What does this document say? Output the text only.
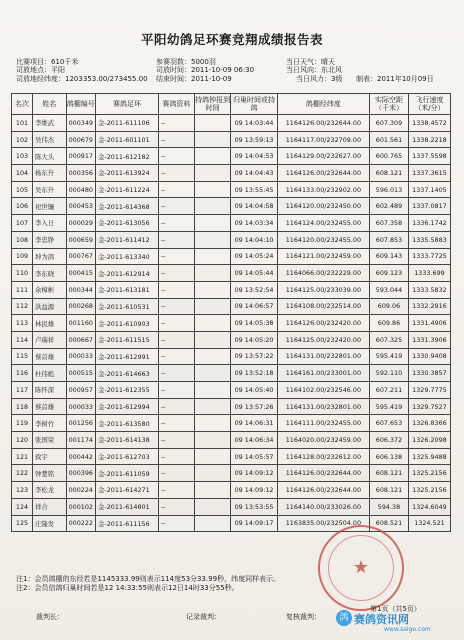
平阳幼鸽足环赛竞翔成绩报告表
比赛项目：610千米
司放地点：平阳
司放地经纬度：1203353.00/273455.00
参赛羽数：5000羽
司放时间：2011-10-09 06:30
结束时间：2011-10-09
当日天气：晴天
当日风向：东北风
当日风力：3级 制表：2011年10月09日
名次	姓名	鸽棚编号	赛鸽足环	赛鸽资料	持鸽钟报到时间	归巢时间或持鸽	鸽棚经纬度	实际空距（千米）	飞行速度（米/分）
101	李维武	000349	金-2011-611106	--		09 14:03:44	1164126.00/232644.00	607.309	1338.4572
102	吴伟杰	000679	金-2011-601101	--		09 13:59:13	1164117.00/232709.00	601.561	1338.2218
103	陈大头	000917	金-2011-612182	--		09 14:04:53	1164129.00/232627.00	600.765	1337.5598
104	杨东升	000356	金-2011-613924	--		09 14:04:43	1164126.00/232644.00	608.121	1337.3615
105	吴东升	000480	金-2011-611224	--		09 13:55:45	1164133.00/232902.00	596.013	1337.1405
106	祀世镰	000453	金-2011-614368	--		09 14:04:58	1164120.00/232450.00	602.489	1337.0817
107	李入日	000029	金-2011-613056	--		09 14:03:34	1164124.00/232455.00	607.358	1336.1742
108	李忠铮	000659	金-2011-611412	--		09 14:04:10	1164120.00/232455.00	607.853	1335.5883
109	坤为鸽	000767	金-2011-613340	--		09 14:05:24	1164121.00/232459.00	609.143	1333.7725
110	李东晓	000415	金-2011-612914	--		09 14:05:44	1164066.00/232229.00	609.123	1333.699
111	余樟彬	000344	金-2011-613181	--		09 13:52:54	1164125.00/233039.00	593.044	1333.5832
112	洪益源	000268	金-2011-610531	--		09 14:06:57	1164108.00/232514.00	609.06	1332.2916
113	林民雄	001160	金-2011-610903	--		09 14:05:38	1164126.00/232420.00	609.86	1331.4906
114	卢瑞祥	000667	金-2011-611515	--		09 14:05:20	1164125.00/232420.00	607.325	1331.3906
115	蔡首雄	000033	金-2011-612991	--		09 13:57:22	1164131.00/232801.00	595.419	1330.9408
116	杜伟彪	000515	金-2011-614663	--		09 13:52:18	1164161.00/233001.00	592.110	1330.3857
117	陈怀深	000957	金-2011-612355	--		09 14:05:40	1164102.00/232546.00	607.211	1329.7775
118	蔡首雄	000033	金-2011-612994	--		09 13:57:26	1164131.00/232801.00	595.419	1329.7527
119	李树竹	001256	金-2011-613580	--		09 14:06:31	1164111.00/232455.00	607.653	1326.8366
120	张国荣	001174	金-2011-614138	--		09 14:06:34	1164020.00/232459.00	606.372	1326.2098
121	致宇	000442	金-2011-612703	--		09 14:05:57	1164128.00/232612.00	606.138	1325.9488
122	钟楚铭	000396	金-2011-611059	--		09 14:09:12	1164126.00/232644.00	608.121	1325.2156
123	李松龙	000224	金-2011-614271	--		09 14:09:12	1164126.00/232644.00	608.121	1325.2156
124	祥合	000102	金-2011-614801	--		09 13:53:55	1164140.00/233026.00	594.38	1324.6049
125	庄隆发	000222	金-2011-611156	--		09 14:09:17	1163835.00/232504.00	608.521	1324.521
注1：会员鸽棚的东经若是1145333.99则表示114度53分33.99秒，纬度同样表示。
注2：会员信鸽归巢时间若是12 14:33:55则表示12日14时33分55秒。
裁判长：	记录裁判：	复核裁判：
★
第1页（共5页）
鸽 赛鸽资讯网
www.saige.com
